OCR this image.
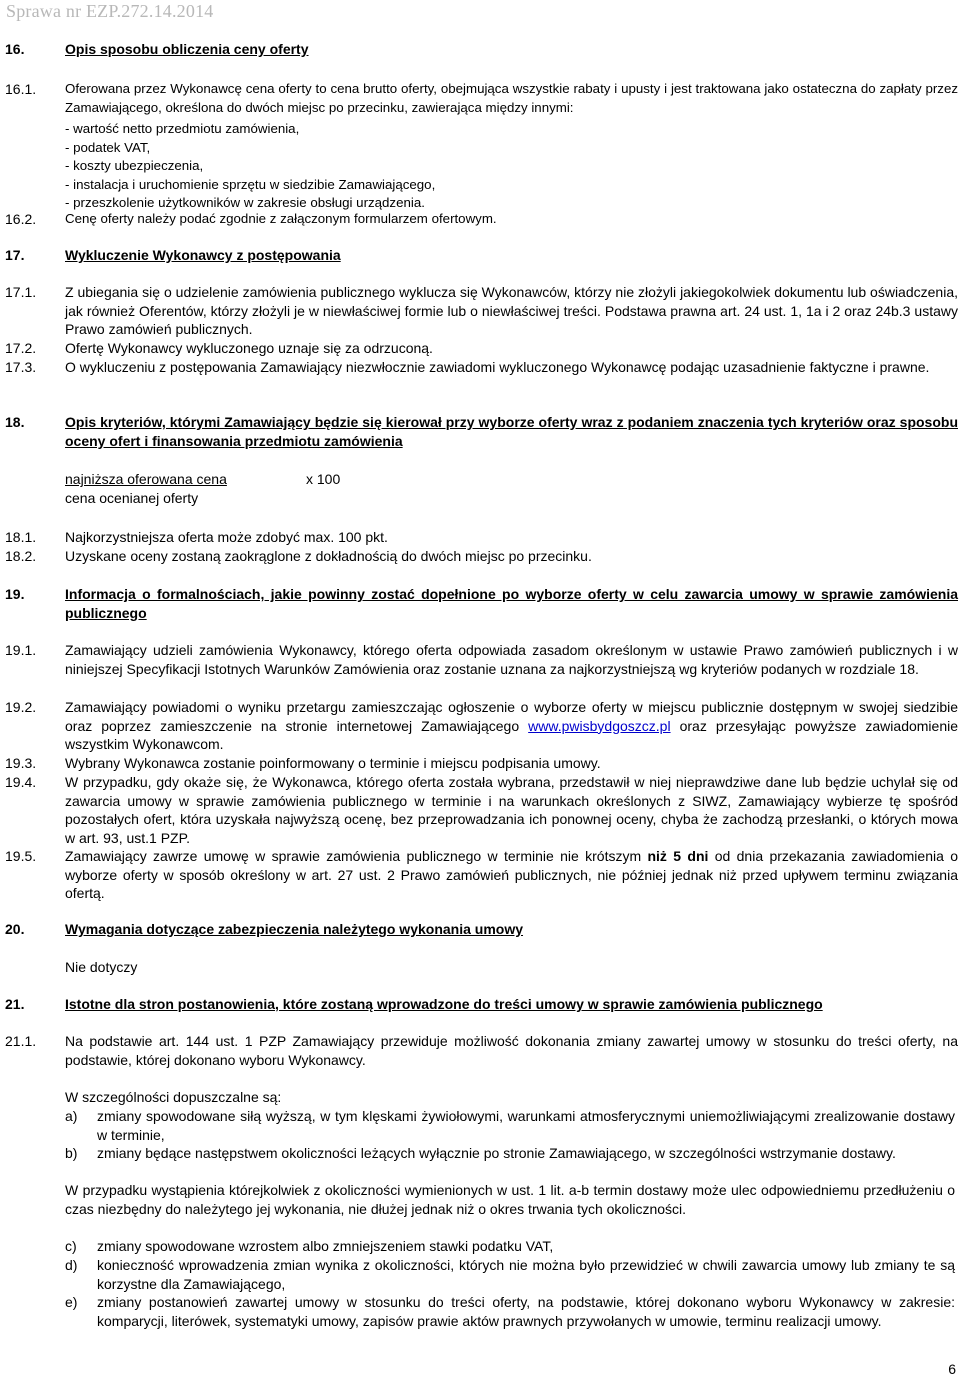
Sprawa nr EZP.272.14.2014
16.	Opis sposobu obliczenia ceny oferty
16.1. Oferowana przez Wykonawcę cena oferty to cena brutto oferty, obejmująca wszystkie rabaty i upusty i jest traktowana jako ostateczna do zapłaty przez Zamawiającego, określona do dwóch miejsc po przecinku, zawierająca między innymi:
- wartość netto przedmiotu zamówienia,
- podatek VAT,
- koszty ubezpieczenia,
- instalacja i uruchomienie sprzętu w siedzibie Zamawiającego,
- przeszkolenie użytkowników w zakresie obsługi urządzenia.
16.2. Cenę oferty należy podać zgodnie z załączonym formularzem ofertowym.
17.	Wykluczenie Wykonawcy z postępowania
17.1. Z ubiegania się o udzielenie zamówienia publicznego wyklucza się Wykonawców, którzy nie złożyli jakiegokolwiek dokumentu lub oświadczenia, jak również Oferentów, którzy złożyli je w niewłaściwej formie lub o niewłaściwej treści. Podstawa prawna art. 24 ust. 1, 1a i 2 oraz 24b.3 ustawy Prawo zamówień publicznych.
17.2. Ofertę Wykonawcy wykluczonego uznaje się za odrzuconą.
17.3. O wykluczeniu z postępowania Zamawiający niezwłocznie zawiadomi wykluczonego Wykonawcę podając uzasadnienie faktyczne i prawne.
18.	Opis kryteriów, którymi Zamawiający będzie się kierował przy wyborze oferty wraz z podaniem znaczenia tych kryteriów oraz sposobu oceny ofert i finansowania przedmiotu zamówienia
najniższa oferowana cena
cena ocenianej oferty
x 100
18.1. Najkorzystniejsza oferta może zdobyć max. 100 pkt.
18.2. Uzyskane oceny zostaną zaokrąglone z dokładnością do dwóch miejsc po przecinku.
19.	Informacja o formalnościach, jakie powinny zostać dopełnione po wyborze oferty w celu zawarcia umowy w sprawie zamówienia publicznego
19.1. Zamawiający udzieli zamówienia Wykonawcy, którego oferta odpowiada zasadom określonym w ustawie Prawo zamówień publicznych i w niniejszej Specyfikacji Istotnych Warunków Zamówienia oraz zostanie uznana za najkorzystniejszą wg kryteriów podanych w rozdziale 18.
19.2. Zamawiający powiadomi o wyniku przetargu zamieszczając ogłoszenie o wyborze oferty w miejscu publicznie dostępnym w swojej siedzibie oraz poprzez zamieszczenie na stronie internetowej Zamawiającego www.pwisbydgoszcz.pl oraz przesyłając powyższe zawiadomienie wszystkim Wykonawcom.
19.3. Wybrany Wykonawca zostanie poinformowany o terminie i miejscu podpisania umowy.
19.4. W przypadku, gdy okaże się, że Wykonawca, którego oferta została wybrana, przedstawił w niej nieprawdziwe dane lub będzie uchylał się od zawarcia umowy w sprawie zamówienia publicznego w terminie i na warunkach określonych z SIWZ, Zamawiający wybierze tę spośród pozostałych ofert, która uzyskała najwyższą ocenę, bez przeprowadzania ich ponownej oceny, chyba że zachodzą przesłanki, o których mowa w art. 93, ust.1 PZP.
19.5. Zamawiający zawrze umowę w sprawie zamówienia publicznego w terminie nie krótszym niż 5 dni od dnia przekazania zawiadomienia o wyborze oferty w sposób określony w art. 27 ust. 2 Prawo zamówień publicznych, nie później jednak niż przed upływem terminu związania ofertą.
20.	Wymagania dotyczące zabezpieczenia należytego wykonania umowy
Nie dotyczy
21.	Istotne dla stron postanowienia, które zostaną wprowadzone do treści umowy w sprawie zamówienia publicznego
21.1. Na podstawie art. 144 ust. 1 PZP Zamawiający przewiduje możliwość dokonania zmiany zawartej umowy w stosunku do treści oferty, na podstawie, której dokonano wyboru Wykonawcy.
W szczególności dopuszczalne są:
a) zmiany spowodowane siłą wyższą, w tym klęskami żywiołowymi, warunkami atmosferycznymi uniemożliwiającymi zrealizowanie dostawy w terminie,
b) zmiany będące następstwem okoliczności leżących wyłącznie po stronie Zamawiającego, w szczególności wstrzymanie dostawy.
W przypadku wystąpienia którejkolwiek z okoliczności wymienionych w ust. 1 lit. a-b termin dostawy może ulec odpowiedniemu przedłużeniu o czas niezbędny do należytego jej wykonania, nie dłużej jednak niż o okres trwania tych okoliczności.
c) zmiany spowodowane wzrostem albo zmniejszeniem stawki podatku VAT,
d) konieczność wprowadzenia zmian wynika z okoliczności, których nie można było przewidzieć w chwili zawarcia umowy lub zmiany te są korzystne dla Zamawiającego,
e) zmiany postanowień zawartej umowy w stosunku do treści oferty, na podstawie, której dokonano wyboru Wykonawcy w zakresie: komparycji, literówek, systematyki umowy, zapisów prawie aktów prawnych przywołanych w umowie, terminu realizacji umowy.
6
